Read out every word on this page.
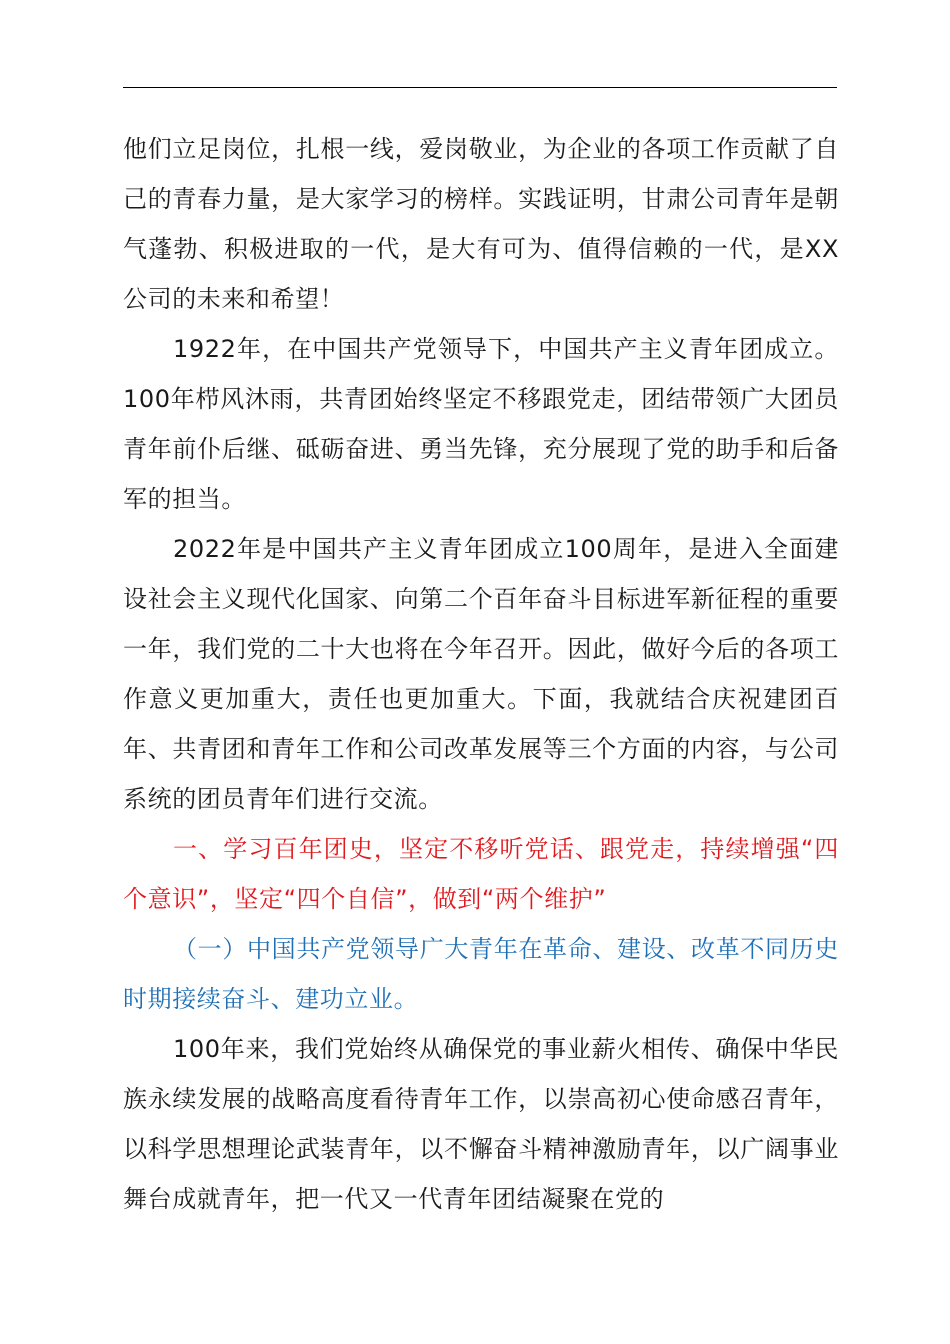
他们立足岗位，扎根一线，爱岗敬业，为企业的各项工作贡献了自己的青春力量，是大家学习的榜样。实践证明，甘肃公司青年是朝气蓬勃、积极进取的一代，是大有可为、值得信赖的一代，是XX公司的未来和希望！

1922年，在中国共产党领导下，中国共产主义青年团成立。100年栉风沐雨，共青团始终坚定不移跟党走，团结带领广大团员青年前仆后继、砥砺奋进、勇当先锋，充分展现了党的助手和后备军的担当。

2022年是中国共产主义青年团成立100周年，是进入全面建设社会主义现代化国家、向第二个百年奋斗目标进军新征程的重要一年，我们党的二十大也将在今年召开。因此，做好今后的各项工作意义更加重大，责任也更加重大。下面，我就结合庆祝建团百年、共青团和青年工作和公司改革发展等三个方面的内容，与公司系统的团员青年们进行交流。

一、学习百年团史，坚定不移听党话、跟党走，持续增强“四个意识”，坚定“四个自信”，做到“两个维护”

（一）中国共产党领导广大青年在革命、建设、改革不同历史时期接续奋斗、建功立业。

100年来，我们党始终从确保党的事业薪火相传、确保中华民族永续发展的战略高度看待青年工作，以崇高初心使命感召青年，以科学思想理论武装青年，以不懈奋斗精神激励青年，以广阔事业舞台成就青年，把一代又一代青年团结凝聚在党的
